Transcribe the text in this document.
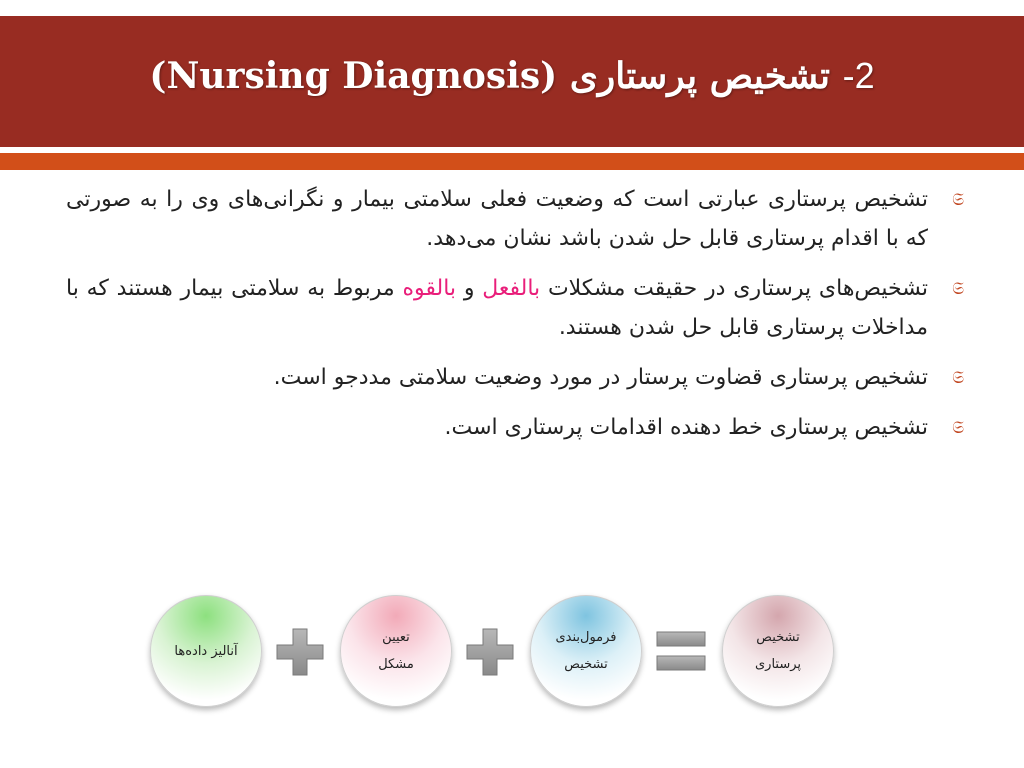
2-

تشخیص پرستاری

(Nursing Diagnosis)
𝔖
تشخیص پرستاری عبارتی است که وضعیت فعلی سلامتی بیمار و نگرانی‌های وی را به صورتی که با اقدام پرستاری قابل حل شدن باشد نشان می‌دهد.
𝔖
تشخیص‌های پرستاری در حقیقت مشکلات بالفعل و بالقوه مربوط به سلامتی بیمار هستند که با مداخلات پرستاری قابل حل شدن هستند.
𝔖
تشخیص پرستاری قضاوت پرستار در مورد وضعیت سلامتی مددجو است.
𝔖
تشخیص پرستاری خط دهنده اقدامات پرستاری است.
آنالیز داده‌ها
تعیین
مشکل
فرمول‌بندی
تشخیص
تشخیص
پرستاری
